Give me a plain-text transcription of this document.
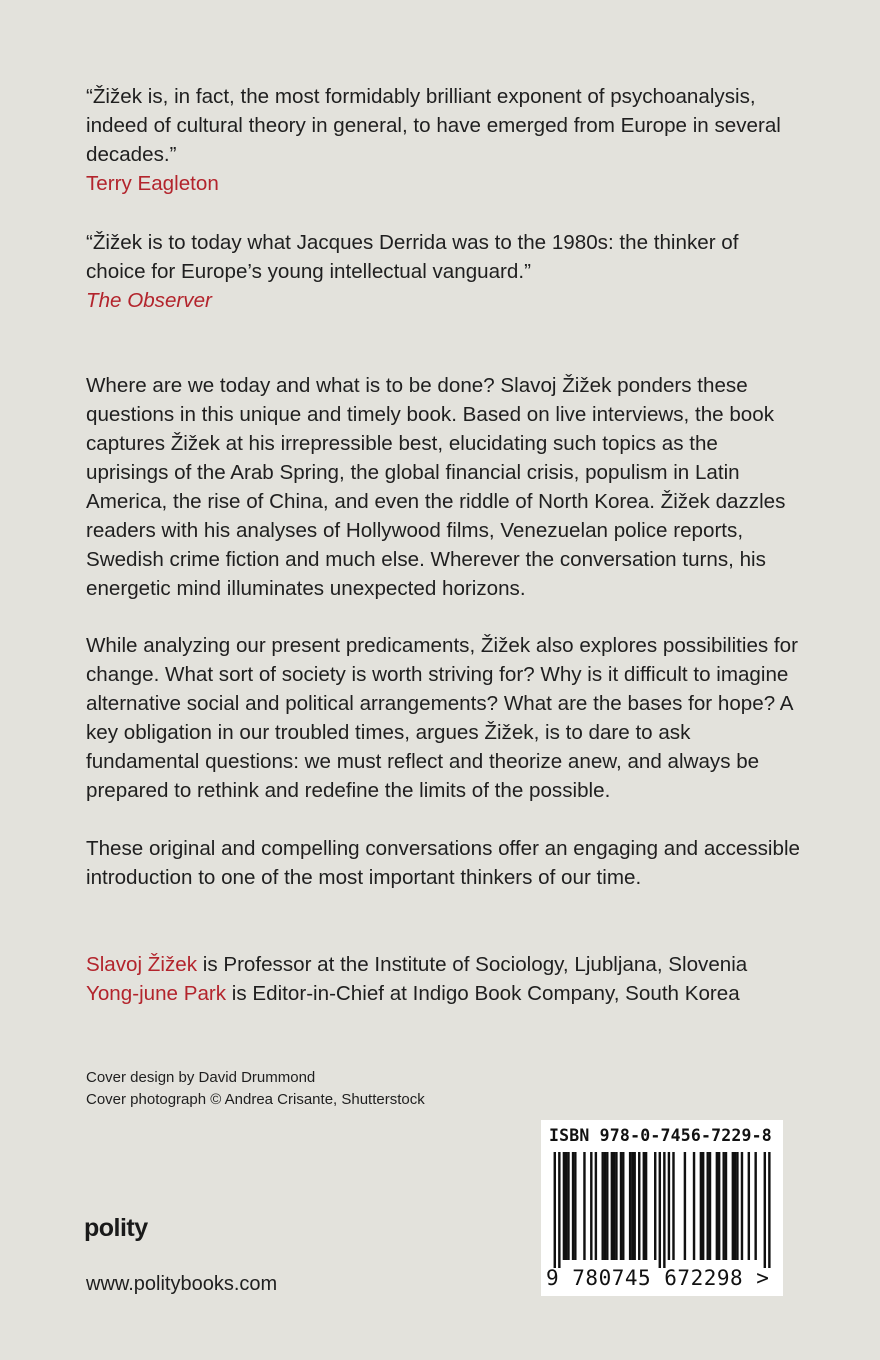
“Žižek is, in fact, the most formidably brilliant exponent of psychoanalysis, indeed of cultural theory in general, to have emerged from Europe in several decades.”

Terry Eagleton

“Žižek is to today what Jacques Derrida was to the 1980s: the thinker of choice for Europe’s young intellectual vanguard.”

The Observer

Where are we today and what is to be done? Slavoj Žižek ponders these questions in this unique and timely book. Based on live interviews, the book captures Žižek at his irrepressible best, elucidating such topics as the uprisings of the Arab Spring, the global financial crisis, populism in Latin America, the rise of China, and even the riddle of North Korea. Žižek dazzles readers with his analyses of Hollywood films, Venezuelan police reports, Swedish crime fiction and much else. Wherever the conversation turns, his energetic mind illuminates unexpected horizons.

While analyzing our present predicaments, Žižek also explores possibilities for change. What sort of society is worth striving for? Why is it difficult to imagine alternative social and political arrangements? What are the bases for hope? A key obligation in our troubled times, argues Žižek, is to dare to ask fundamental questions: we must reflect and theorize anew, and always be prepared to rethink and redefine the limits of the possible.

These original and compelling conversations offer an engaging and accessible introduction to one of the most important thinkers of our time.

Slavoj Žižek is Professor at the Institute of Sociology, Ljubljana, Slovenia

Yong-june Park is Editor-in-Chief at Indigo Book Company, South Korea

Cover design by David Drummond
Cover photograph © Andrea Crisante, Shutterstock
polity
www.politybooks.com
ISBN 978-0-7456-7229-8
9 780745 672298 >
